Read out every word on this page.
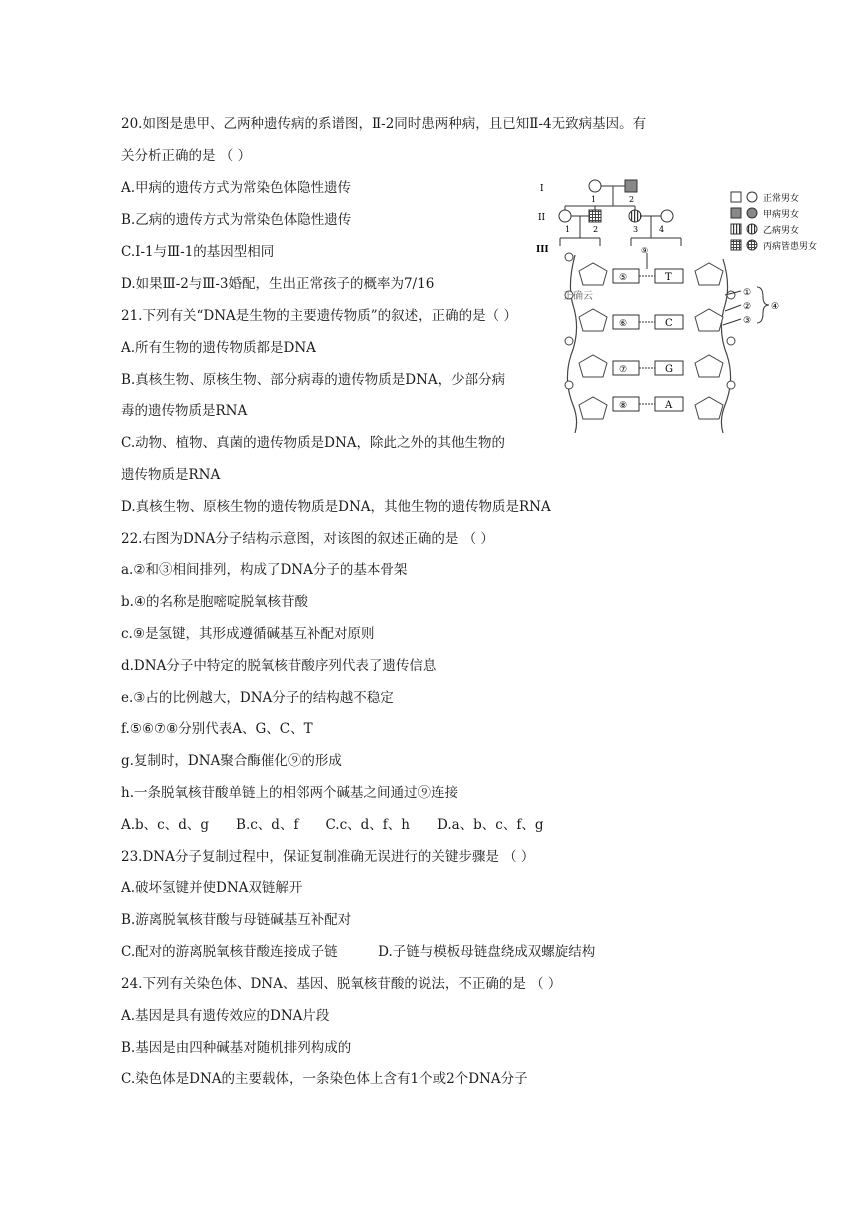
20.如图是患甲、乙两种遗传病的系谱图，Ⅱ-2同时患两种病，且已知Ⅱ-4无致病基因。有
关分析正确的是 （ ）
A.甲病的遗传方式为常染色体隐性遗传
B.乙病的遗传方式为常染色体隐性遗传
C.Ⅰ-1与Ⅲ-1的基因型相同
D.如果Ⅲ-2与Ⅲ-3婚配，生出正常孩子的概率为7/16
21.下列有关“DNA是生物的主要遗传物质”的叙述，正确的是（ ）
A.所有生物的遗传物质都是DNA
B.真核生物、原核生物、部分病毒的遗传物质是DNA，少部分病
毒的遗传物质是RNA
C.动物、植物、真菌的遗传物质是DNA，除此之外的其他生物的
遗传物质是RNA
D.真核生物、原核生物的遗传物质是DNA，其他生物的遗传物质是RNA
22.右图为DNA分子结构示意图，对该图的叙述正确的是 （ ）
a.②和③相间排列，构成了DNA分子的基本骨架
b.④的名称是胞嘧啶脱氧核苷酸
c.⑨是氢键，其形成遵循碱基互补配对原则
d.DNA分子中特定的脱氧核苷酸序列代表了遗传信息
e.③占的比例越大，DNA分子的结构越不稳定
f.⑤⑥⑦⑧分别代表A、G、C、T
g.复制时，DNA聚合酶催化⑨的形成
h.一条脱氧核苷酸单链上的相邻两个碱基之间通过⑨连接
A.b、c、d、g　　B.c、d、f　　C.c、d、f、h　　D.a、b、c、f、g
23.DNA分子复制过程中，保证复制准确无误进行的关键步骤是 （ ）
A.破坏氢键并使DNA双链解开
B.游离脱氧核苷酸与母链碱基互补配对
C.配对的游离脱氧核苷酸连接成子链　　　D.子链与模板母链盘绕成双螺旋结构
24.下列有关染色体、DNA、基因、脱氧核苷酸的说法，不正确的是 （ ）
A.基因是具有遗传效应的DNA片段
B.基因是由四种碱基对随机排列构成的
C.染色体是DNA的主要载体，一条染色体上含有1个或2个DNA分子
I
II
III
1	2
1	2	3	4
正常男女
甲病男女
乙病男女
丙病皆患男女
⑤	T
⑥	C
⑦	G
⑧	A
⑨
①
②
③
④
正确云
